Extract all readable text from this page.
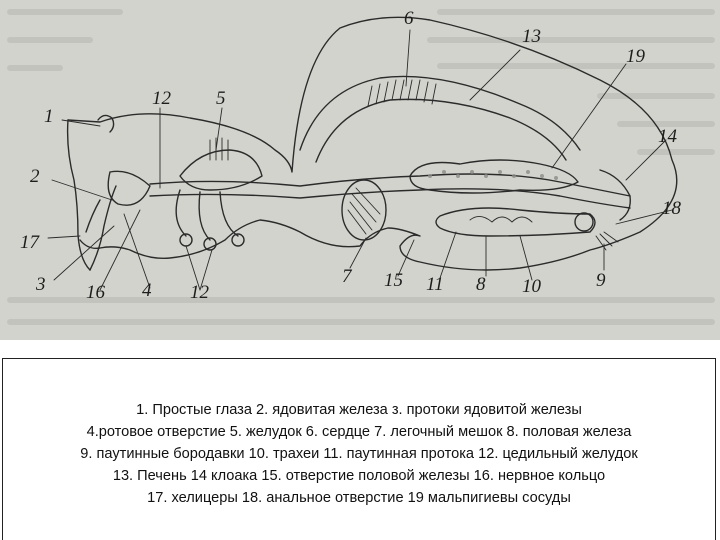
1
2
3	4
5
6
7	8	9
10
11
12
12
13
14
15
16
17
18
19
1. Простые глаза 2. ядовитая железа з. протоки ядовитой железы
4.ротовое отверстие 5. желудок 6. сердце 7. легочный мешок 8. половая железа
9. паутинные бородавки 10. трахеи 11. паутинная протока 12. цедильный желудок
13. Печень 14 клоака 15. отверстие половой железы 16. нервное кольцо
17. хелицеры 18. анальное отверстие 19 мальпигиевы сосуды
